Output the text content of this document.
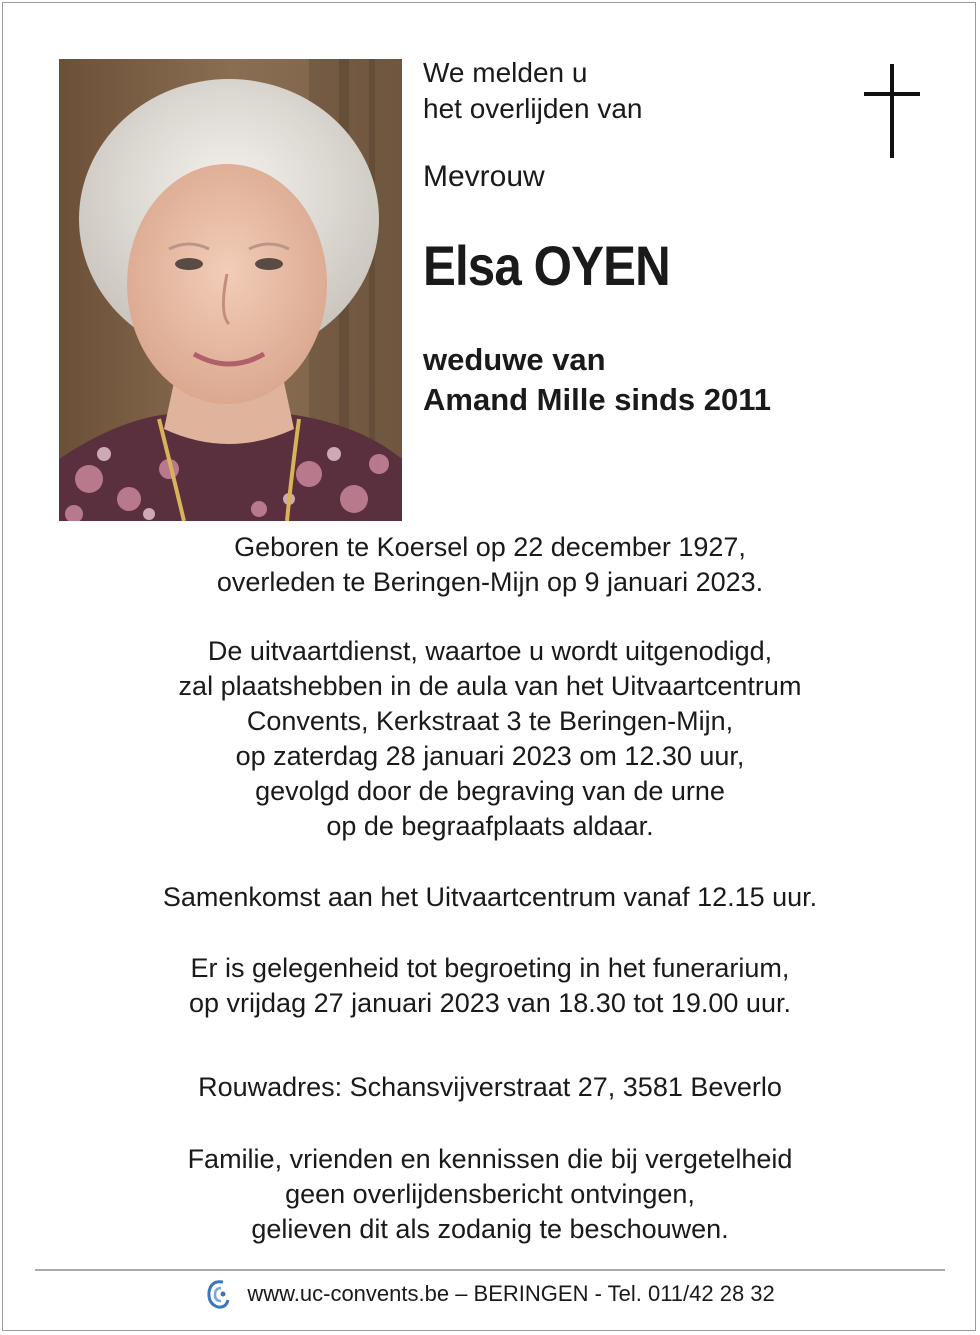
We melden u
het overlijden van
Mevrouw
Elsa OYEN
weduwe van
Amand Mille sinds 2011
Geboren te Koersel op 22 december 1927,
overleden te Beringen-Mijn op 9 januari 2023.
De uitvaartdienst, waartoe u wordt uitgenodigd,
zal plaatshebben in de aula van het Uitvaartcentrum
Convents, Kerkstraat 3 te Beringen-Mijn,
op zaterdag 28 januari 2023 om 12.30 uur,
gevolgd door de begraving van de urne
op de begraafplaats aldaar.
Samenkomst aan het Uitvaartcentrum vanaf 12.15 uur.
Er is gelegenheid tot begroeting in het funerarium,
op vrijdag 27 januari 2023 van 18.30 tot 19.00 uur.
Rouwadres: Schansvijverstraat 27, 3581 Beverlo
Familie, vrienden en kennissen die bij vergetelheid
geen overlijdensbericht ontvingen,
gelieven dit als zodanig te beschouwen.
www.uc-convents.be – BERINGEN - Tel. 011/42 28 32
